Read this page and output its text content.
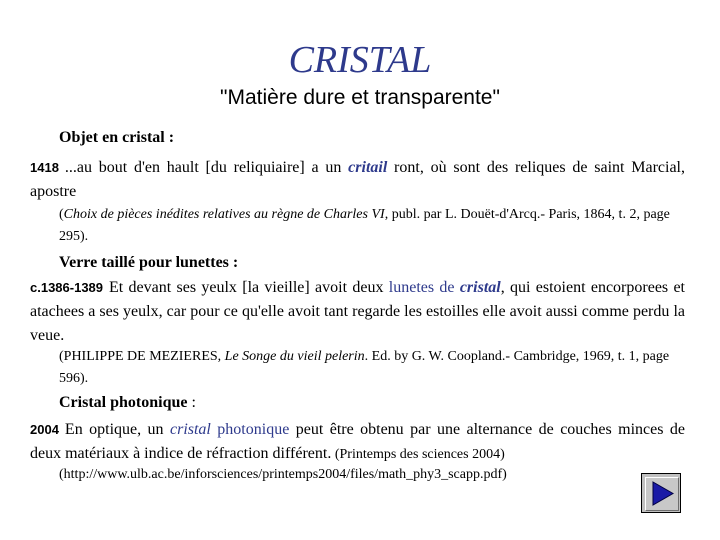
CRISTAL
"Matière dure et transparente"
Objet en cristal :
1418 ...au bout d'en hault [du reliquiaire] a un critail ront, où sont des reliques de saint Marcial, apostre
(Choix de pièces inédites relatives au règne de Charles VI, publ. par L. Douët-d'Arcq.- Paris, 1864, t. 2, page 295).
Verre taillé pour lunettes :
c.1386-1389 Et devant ses yeulx [la vieille] avoit deux lunetes de cristal, qui estoient encorporees et atachees a ses yeulx, car pour ce qu'elle avoit tant regarde les estoilles elle avoit aussi comme perdu la veue.
(PHILIPPE DE MEZIERES, Le Songe du vieil pelerin. Ed. by G. W. Coopland.- Cambridge, 1969, t. 1, page 596).
Cristal photonique :
2004 En optique, un cristal photonique peut être obtenu par une alternance de couches minces de deux matériaux à indice de réfraction différent. (Printemps des sciences 2004)
(http://www.ulb.ac.be/inforsciences/printemps2004/files/math_phy3_scapp.pdf)
